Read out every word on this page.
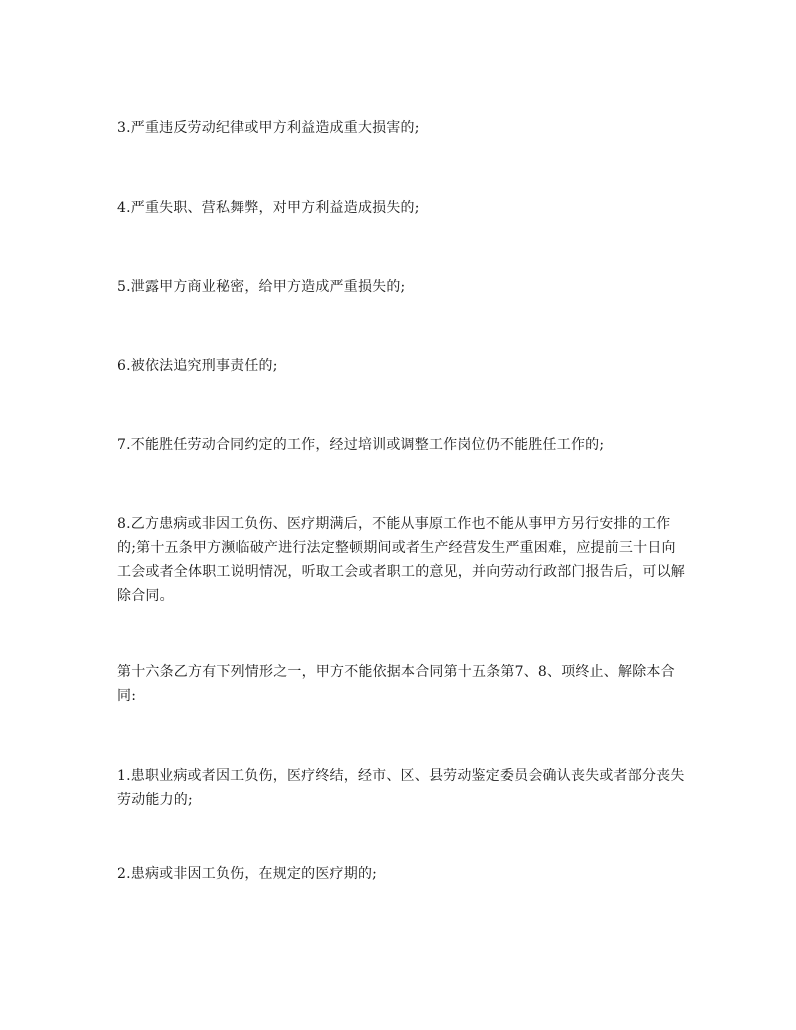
3.严重违反劳动纪律或甲方利益造成重大损害的;

4.严重失职、营私舞弊，对甲方利益造成损失的;

5.泄露甲方商业秘密，给甲方造成严重损失的;

6.被依法追究刑事责任的;

7.不能胜任劳动合同约定的工作，经过培训或调整工作岗位仍不能胜任工作的;

8.乙方患病或非因工负伤、医疗期满后，不能从事原工作也不能从事甲方另行安排的工作的;第十五条甲方濒临破产进行法定整顿期间或者生产经营发生严重困难，应提前三十日向工会或者全体职工说明情况，听取工会或者职工的意见，并向劳动行政部门报告后，可以解除合同。

第十六条乙方有下列情形之一，甲方不能依据本合同第十五条第7、8、项终止、解除本合同:

1.患职业病或者因工负伤，医疗终结，经市、区、县劳动鉴定委员会确认丧失或者部分丧失劳动能力的;

2.患病或非因工负伤，在规定的医疗期的;
